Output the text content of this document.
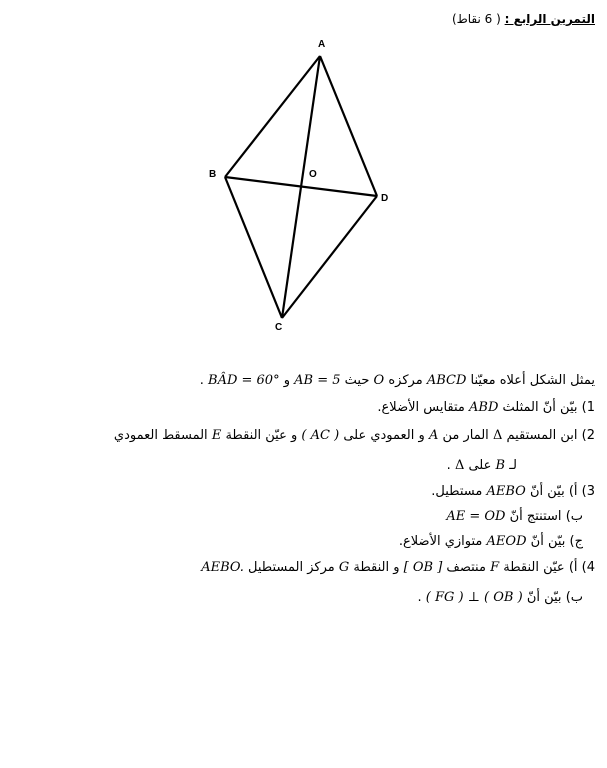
التمرين الرابع : ( 6 نقاط)
A
B	O
D
C
يمثل الشكل أعلاه معيّنا ABCD مركزه O حيث AB = 5 و BÂD = 60° .
1) بيّن أنّ المثلث ABD متقايس الأضلاع.
2) ابن المستقيم Δ المار من A و العمودي على ( AC ) و عيّن النقطة E المسقط العمودي
لـ B على Δ .
3) أ) بيّن أنّ AEBO مستطيل.
ب) استنتج أنّ AE = OD
ج) بيّن أنّ AEOD متوازي الأضلاع.
4) أ) عيّن النقطة F منتصف [ OB ] و النقطة G مركز المستطيل AEBO.
ب) بيّن أنّ ( FG ) ⊥ ( OB ) .
